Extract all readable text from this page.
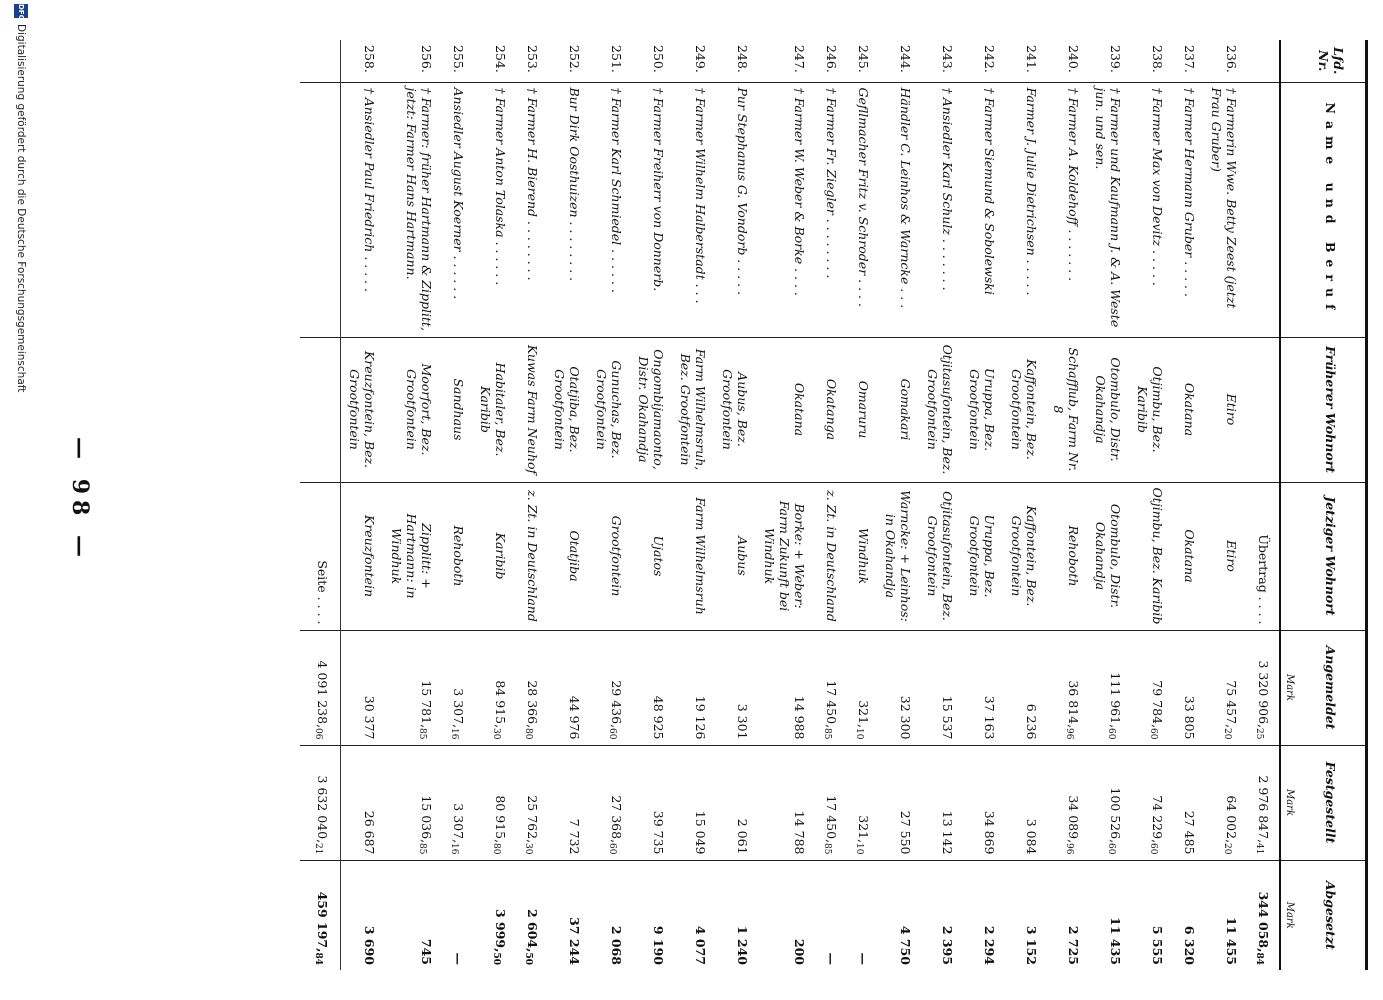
Lfd. Nr.	Name und Beruf	Früherer Wohnort	Jetziger Wohnort	Angemeldet	Festgestellt	Abgesetzt
				Mark	Mark	Mark
			Übertrag . . . .	3 320 906,25	2 976 847,41	344 058,84
236.	† Farmerin Wwe. Betty Zeest (jetzt Frau Gruber)	Etiro	Etiro	75 457,20	64 002,20	11 455
237.	† Farmer Hermann Gruber . . . . .	Okatana	Okatana	33 805	27 485	6 320
238.	† Farmer Max von Devitz . . . . .	Otjimbu, Bez. Karibib	Otjimbu, Bez. Karibib	79 784,60	74 229,60	5 555
239.	† Farmer und Kaufmann J. & A. Weste jun. und sen.	Otombulo, Distr. Okahandja	Otombulo, Distr. Okahandja	111 961,60	100 526,60	11 435
240.	† Farmer A. Koldehoff . . . . . . .	Schafflub, Farm Nr. 8	Rehoboth	36 814,96	34 089,96	2 725
241.	Farmer J. Julie Dietrichsen . . . . .	Kaffontein, Bez. Grootfontein	Kaffontein, Bez. Grootfontein	6 236	3 084	3 152
242.	† Farmer Siemund & Sobolewski	Uruppa, Bez. Grootfontein	Uruppa, Bez. Grootfontein	37 163	34 869	2 294
243.	† Ansiedler Karl Schulz . . . . . . .	Otjitasufontein, Bez. Grootfontein	Otjitasufontein, Bez. Grootfontein	15 537	13 142	2 395
244.	Händler C. Leinhos & Warncke . . .	Gomakari	Warncke: + Leinhos: in Okahandja	32 300	27 550	4 750
245.	Gefllmacher Fritz v. Schroder . . . .	Omaruru	Windhuk	321,10	321,10	—
246.	† Farmer Fr. Ziegler . . . . . . . .	Okatanga	z. Zt. in Deutschland	17 450,85	17 450,85	—
247.	† Farmer W. Weber & Borke . . . .	Okatana	Borke: + Weber: Farm Zukunft bei Windhuk	14 988	14 788	200
248.	Pur Stephanus G. Vondorb . . . . .	Aubus, Bez. Grootfontein	Aubus	3 301	2 061	1 240
249.	† Farmer Wilhelm Halberstadt . . .	Farm Wilhelmsruh, Bez. Grootfontein	Farm Wilhelmsruh	19 126	15 049	4 077
250.	† Farmer Freiherr von Donnerb.	Ongombijamaonto, Distr. Okahandja	Ujatos	48 925	39 735	9 190
251.	† Farmer Karl Schmiedel . . . . . .	Gunuchas, Bez. Grootfontein	Grootfontein	29 436,60	27 368,60	2 068
252.	Bur Dirk Oosthuizen . . . . . . . .	Otatjiba, Bez. Grootfontein	Otatjiba	44 976	7 732	37 244
253.	† Farmer H. Bierend . . . . . . . .	Kuwas Farm Neuhof	z. Zt. in Deutschland	28 366,80	25 762,30	2 604,50
254.	† Farmer Anton Tolaska . . . . . .	Habitaler, Bez. Karibib	Karibib	84 915,30	80 915,80	3 999,50
255.	Ansiedler August Koerner . . . . . .	Sandhaus	Rehoboth	3 307,16	3 307,16	—
256.	† Farmer: früher Hartmann & Zipplitt, jetzt: Farmer Hans Hartmann.	Moorfort, Bez. Grootfontein	Zipplitt: + Hartmann: in Windhuk	15 781,85	15 036,85	745
258.	† Ansiedler Paul Friedrich . . . . .	Kreuzfontein, Bez. Grootfontein	Kreuzfontein	30 377	26 687	3 690
			Seite . . . .	4 091 238,06	3 632 040,21	459 197,84
— 98 —
DFGDigitalisierung gefördert durch die Deutsche Forschungsgemeinschaft
